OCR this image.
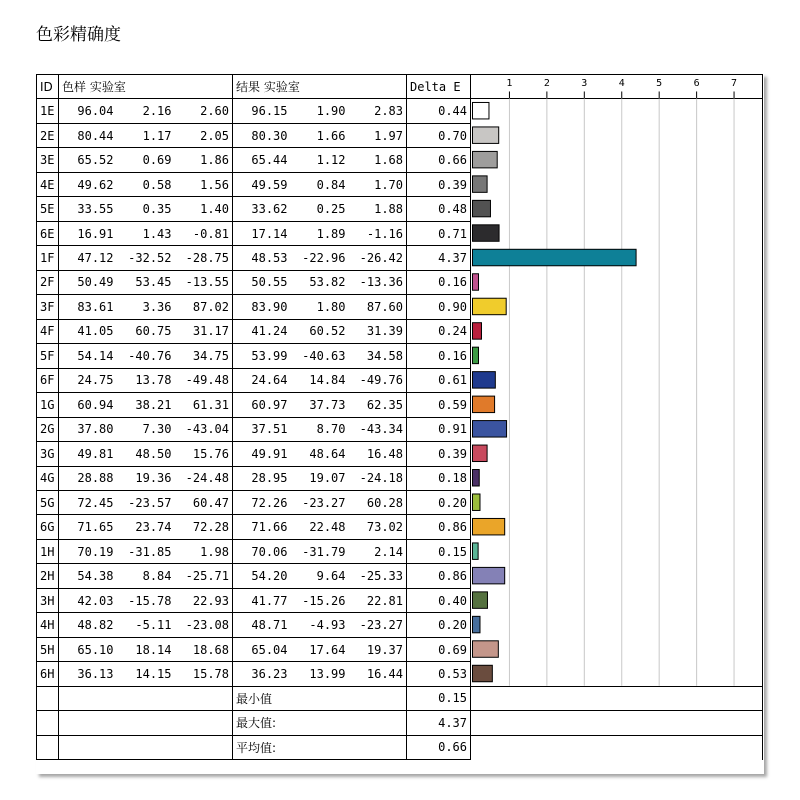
色彩精确度
ID	色样 实验室			结果 实验室			Delta E	
1E	96.04	2.16	2.60	96.15	1.90	2.83	0.44	
2E	80.44	1.17	2.05	80.30	1.66	1.97	0.70	
3E	65.52	0.69	1.86	65.44	1.12	1.68	0.66	
4E	49.62	0.58	1.56	49.59	0.84	1.70	0.39	
5E	33.55	0.35	1.40	33.62	0.25	1.88	0.48	
6E	16.91	1.43	-0.81	17.14	1.89	-1.16	0.71	
1F	47.12	-32.52	-28.75	48.53	-22.96	-26.42	4.37	
2F	50.49	53.45	-13.55	50.55	53.82	-13.36	0.16	
3F	83.61	3.36	87.02	83.90	1.80	87.60	0.90	
4F	41.05	60.75	31.17	41.24	60.52	31.39	0.24	
5F	54.14	-40.76	34.75	53.99	-40.63	34.58	0.16	
6F	24.75	13.78	-49.48	24.64	14.84	-49.76	0.61	
1G	60.94	38.21	61.31	60.97	37.73	62.35	0.59	
2G	37.80	7.30	-43.04	37.51	8.70	-43.34	0.91	
3G	49.81	48.50	15.76	49.91	48.64	16.48	0.39	
4G	28.88	19.36	-24.48	28.95	19.07	-24.18	0.18	
5G	72.45	-23.57	60.47	72.26	-23.27	60.28	0.20	
6G	71.65	23.74	72.28	71.66	22.48	73.02	0.86	
1H	70.19	-31.85	1.98	70.06	-31.79	2.14	0.15	
2H	54.38	8.84	-25.71	54.20	9.64	-25.33	0.86	
3H	42.03	-15.78	22.93	41.77	-15.26	22.81	0.40	
4H	48.82	-5.11	-23.08	48.71	-4.93	-23.27	0.20	
5H	65.10	18.14	18.68	65.04	17.64	19.37	0.69	
6H	36.13	14.15	15.78	36.23	13.99	16.44	0.53	
				最小值			0.15	
				最大值:			4.37	
				平均值:			0.66	
1	2	3	4	5	6	7
